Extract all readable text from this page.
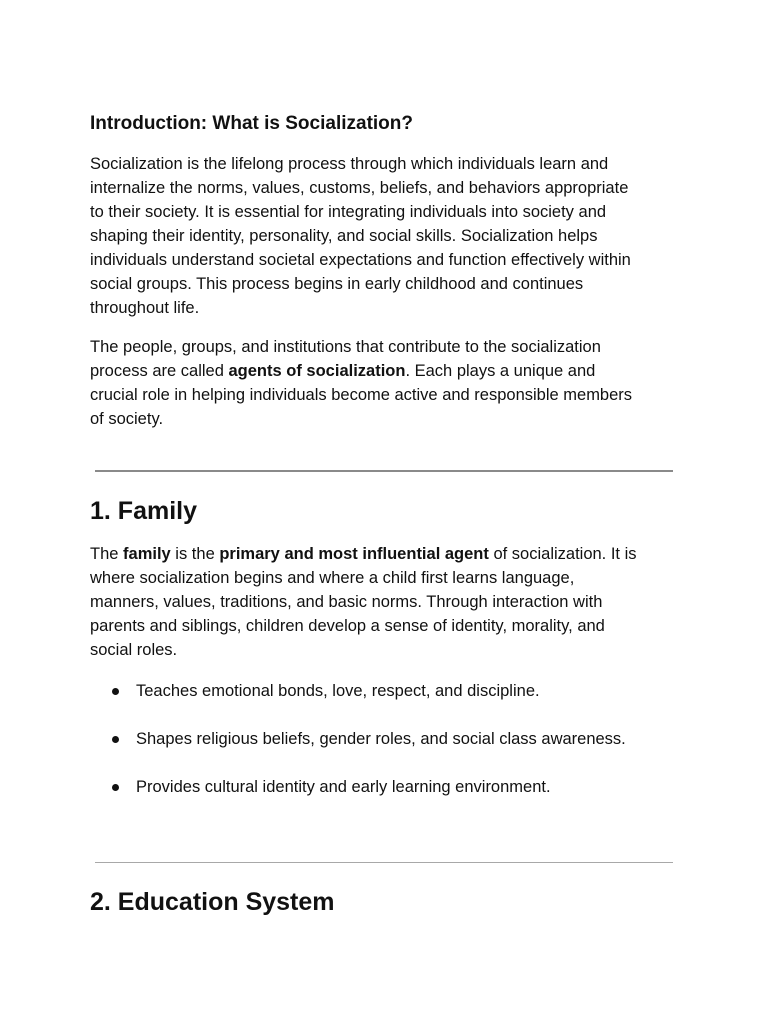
Introduction: What is Socialization?

Socialization is the lifelong process through which individuals learn and
internalize the norms, values, customs, beliefs, and behaviors appropriate
to their society. It is essential for integrating individuals into society and
shaping their identity, personality, and social skills. Socialization helps
individuals understand societal expectations and function effectively within
social groups. This process begins in early childhood and continues
throughout life.

The people, groups, and institutions that contribute to the socialization
process are called agents of socialization. Each plays a unique and
crucial role in helping individuals become active and responsible members
of society.

1. Family

The family is the primary and most influential agent of socialization. It is
where socialization begins and where a child first learns language,
manners, values, traditions, and basic norms. Through interaction with
parents and siblings, children develop a sense of identity, morality, and
social roles.

Teaches emotional bonds, love, respect, and discipline.
Shapes religious beliefs, gender roles, and social class awareness.
Provides cultural identity and early learning environment.
2. Education System
